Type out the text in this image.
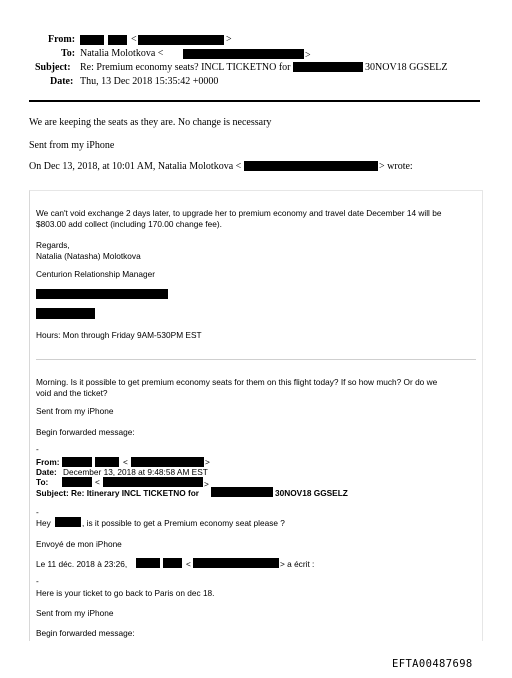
From:	<	>
To: Natalia Molotkova <	>
Subject: Re: Premium economy seats? INCL TICKETNO for	30NOV18 GGSELZ
Date: Thu, 13 Dec 2018 15:35:42 +0000
We are keeping the seats as they are. No change is necessary
Sent from my iPhone
On Dec 13, 2018, at 10:01 AM, Natalia Molotkova <	> wrote:
We can't void exchange 2 days later, to upgrade her to premium economy and travel date December 14 will be
$803.00 add collect (including 170.00 change fee).
Regards,
Natalia (Natasha) Molotkova
Centurion Relationship Manager
Hours: Mon through Friday 9AM-530PM EST
Morning. Is it possible to get premium economy seats for them on this flight today? If so how much? Or do we
void and the ticket?
Sent from my iPhone
Begin forwarded message:
-
From:	<	>
Date: December 13, 2018 at 9:48:58 AM EST
To:	<	>
Subject: Re: Itinerary INCL TICKETNO for	30NOV18 GGSELZ
-
Hey	, is it possible to get a Premium economy seat please ?
Envoyé de mon iPhone
Le 11 déc. 2018 à 23:26,	<	> a écrit :
-
Here is your ticket to go back to Paris on dec 18.
Sent from my iPhone
Begin forwarded message:
EFTA00487698
